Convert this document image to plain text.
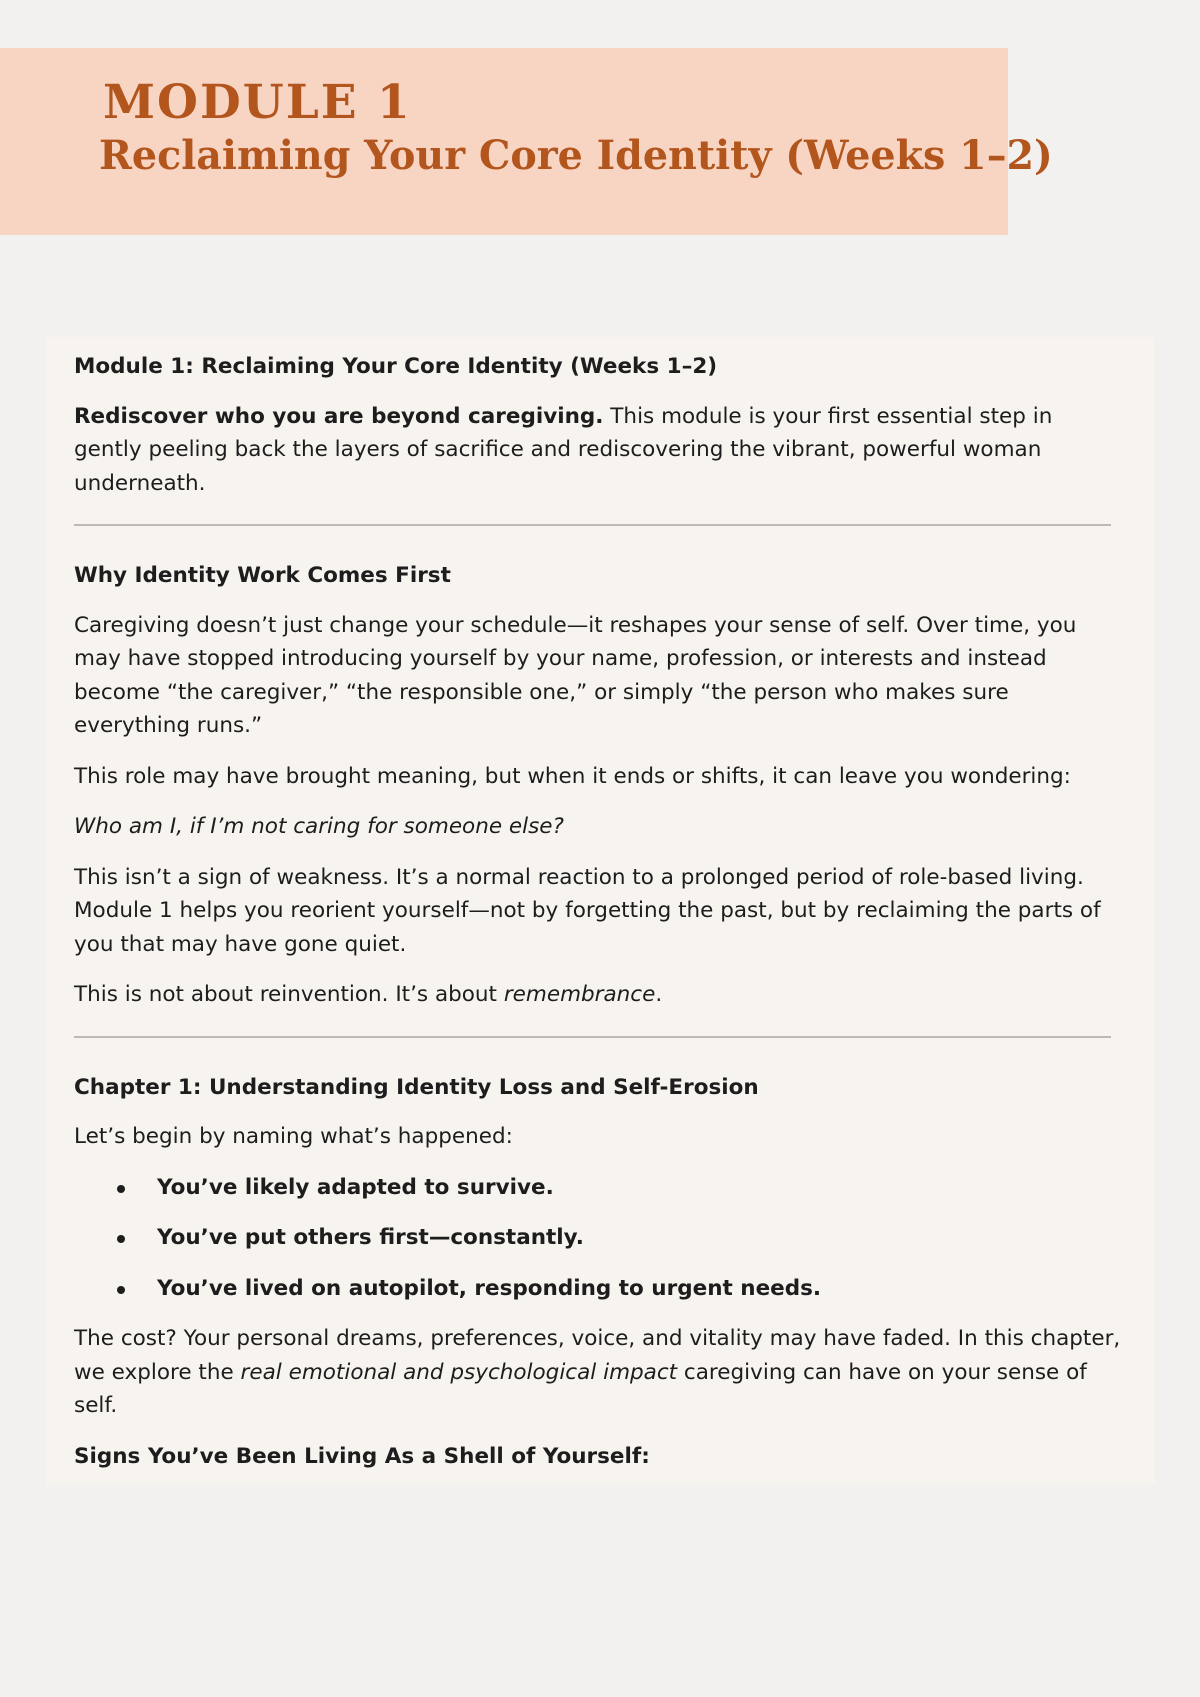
MODULE 1
Reclaiming Your Core Identity (Weeks 1–2)
Module 1: Reclaiming Your Core Identity (Weeks 1–2)

Rediscover who you are beyond caregiving. This module is your first essential step in gently peeling back the layers of sacrifice and rediscovering the vibrant, powerful woman underneath.

Why Identity Work Comes First

Caregiving doesn’t just change your schedule—it reshapes your sense of self. Over time, you may have stopped introducing yourself by your name, profession, or interests and instead become “the caregiver,” “the responsible one,” or simply “the person who makes sure everything runs.”

This role may have brought meaning, but when it ends or shifts, it can leave you wondering:

Who am I, if I’m not caring for someone else?

This isn’t a sign of weakness. It’s a normal reaction to a prolonged period of role-based living. Module 1 helps you reorient yourself—not by forgetting the past, but by reclaiming the parts of you that may have gone quiet.

This is not about reinvention. It’s about remembrance.

Chapter 1: Understanding Identity Loss and Self-Erosion

Let’s begin by naming what’s happened:

You’ve likely adapted to survive.
You’ve put others first—constantly.
You’ve lived on autopilot, responding to urgent needs.

The cost? Your personal dreams, preferences, voice, and vitality may have faded. In this chapter, we explore the real emotional and psychological impact caregiving can have on your sense of self.

Signs You’ve Been Living As a Shell of Yourself:
